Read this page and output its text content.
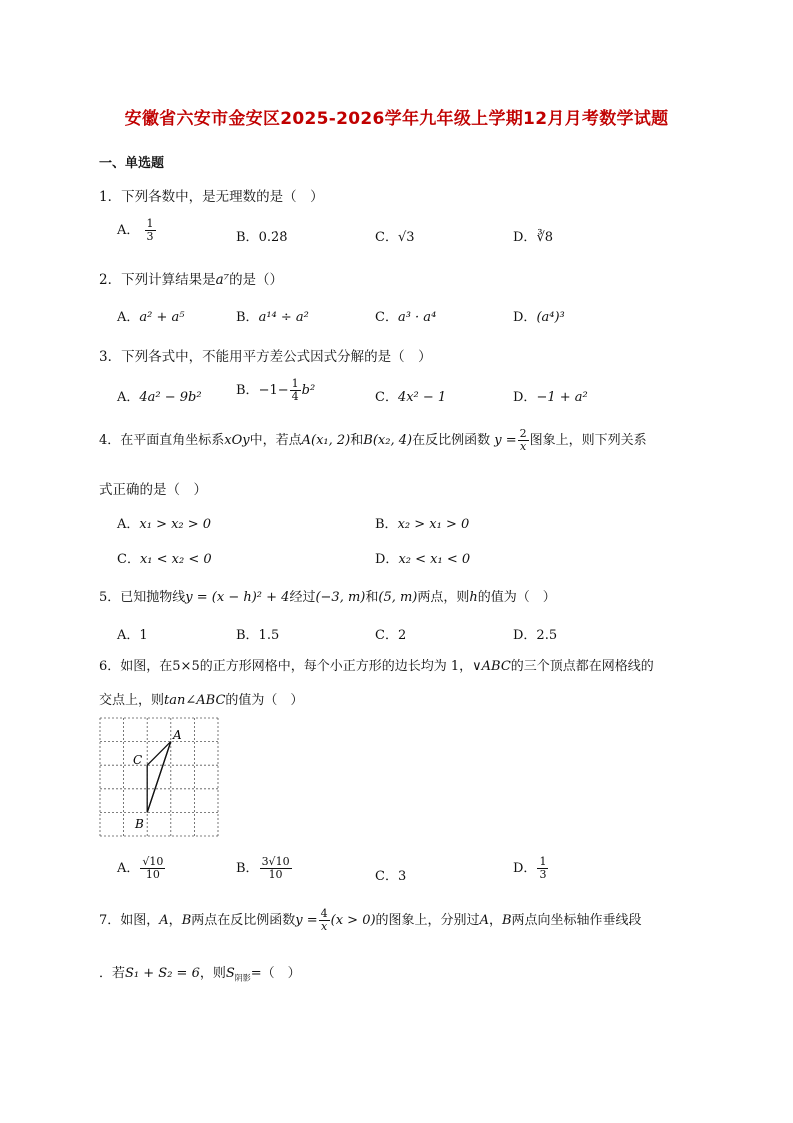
安徽省六安市金安区2025-2026学年九年级上学期12月月考数学试题
一、单选题
1．下列各数中，是无理数的是（　）
A． $\frac{1}{3}$	B．0.2̇8̇	C．√3	D．∛8
2．下列计算结果是a⁷的是（）
A．a² + a⁵	B．a¹⁴ ÷ a²	C．a³ · a⁴	D．(a⁴)³
3．下列各式中，不能用平方差公式因式分解的是（　）
A．4a² − 9b²	B．$-1- \frac{1}{4} b^2$	C．4x² − 1	D．−1 + a²
4．在平面直角坐标系xOy中，若点A(x₁, 2)和B(x₂, 4)在反比例函数 $y = \frac{2}{x}$ 图象上，则下列关系
式正确的是（　）
A．x₁ > x₂ > 0	B．x₂ > x₁ > 0
C．x₁ < x₂ < 0	D．x₂ < x₁ < 0
5．已知抛物线y = (x − h)² + 4经过(−3, m)和(5, m)两点，则h的值为（　）
A．1	B．1.5	C．2	D．2.5
6．如图，在5×5的正方形网格中，每个小正方形的边长均为 1，∨ABC的三个顶点都在网格线的
交点上，则tan∠ABC的值为（　）
A
C
B
A． $\frac{√10}{10}$	B． $\frac{3√10}{10}$	C．3
D． $\frac{1}{3}$
7．如图，A，B两点在反比例函数$y = \frac{4}{x} (x > 0)$的图象上，分别过A，B两点向坐标轴作垂线段
．若S₁ + S₂ = 6，则$S_{阴影}=$（　）
